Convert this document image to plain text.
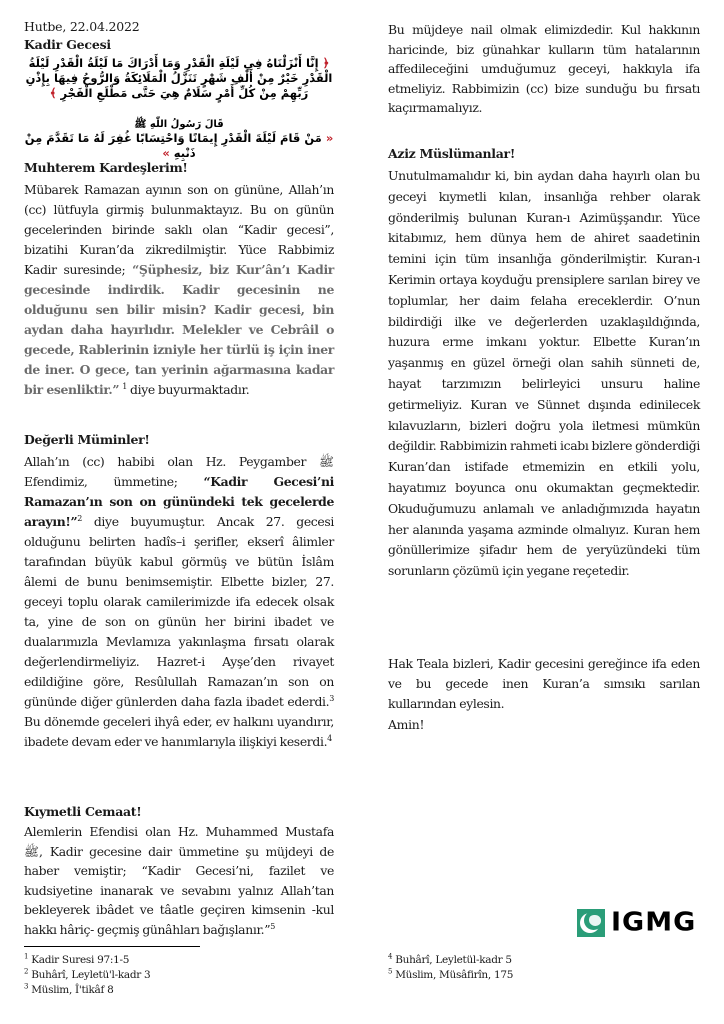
Hutbe, 22.04.2022
Kadir Gecesi
﴿ إِنَّا أَنْزَلْنَاهُ فِي لَيْلَةِ الْقَدْرِ وَمَا أَدْرَاكَ مَا لَيْلَةُ الْقَدْرِ لَيْلَةُ الْقَدْرِ خَيْرٌ مِنْ أَلْفِ شَهْرٍ تَنَزَّلُ الْمَلَائِكَةُ وَالرُّوحُ فِيهَا بِإِذْنِ رَبِّهِمْ مِنْ كُلِّ أَمْرٍ سَلَامٌ هِيَ حَتَّى مَطْلَعِ الْفَجْرِ ﴾
قَالَ رَسُولُ اللّٰهِ ﷺ
« مَنْ قَامَ لَيْلَةَ الْقَدْرِ إِيمَانًا وَاحْتِسَابًا غُفِرَ لَهُ مَا تَقَدَّمَ مِنْ ذَنْبِهِ »
Muhterem Kardeşlerim!
Mübarek Ramazan ayının son on gününe, Allah’ın (cc) lütfuyla girmiş bulunmaktayız. Bu on günün gecelerinden birinde saklı olan “Kadir gecesi”, bizatihi Kuran’da zikredilmiştir. Yüce Rabbimiz Kadir suresinde; “Şüphesiz, biz Kur’ân’ı Kadir gecesinde indirdik. Kadir gecesinin ne olduğunu sen bilir misin? Kadir gecesi, bin aydan daha hayırlıdır. Melekler ve Cebrâil o gecede, Rablerinin izniyle her türlü iş için iner de iner. O gece, tan yerinin ağarmasına kadar bir esenliktir.” $^1$ diye buyurmaktadır.
Değerli Müminler!
Allah’ın (cc) habibi olan Hz. Peygamber ﷺ Efendimiz, ümmetine; “Kadir Gecesi’ni Ramazan’ın son on günündeki tek gecelerde arayın!”$^2$ diye buyumuştur. Ancak 27. gecesi olduğunu belirten hadîs–i şerifler, ekserî âlimler tarafından büyük kabul görmüş ve bütün İslâm âlemi de bunu benimsemiştir. Elbette bizler, 27. geceyi toplu olarak camilerimizde ifa edecek olsak ta, yine de son on günün her birini ibadet ve dualarımızla Mevlamıza yakınlaşma fırsatı olarak değerlendirmeliyiz. Hazret-i Ayşe’den rivayet edildiğine göre, Resûlullah Ramazan’ın son on gününde diğer günlerden daha fazla ibadet ederdi.$^3$ Bu dönemde geceleri ihyâ eder, ev halkını uyandırır, ibadete devam eder ve hanımlarıyla ilişkiyi keserdi.$^4$
Kıymetli Cemaat!
Alemlerin Efendisi olan Hz. Muhammed Mustafa ﷺ, Kadir gecesine dair ümmetine şu müjdeyi de haber vemiştir; “Kadir Gecesi’ni, fazilet ve kudsiyetine inanarak ve sevabını yalnız Allah’tan bekleyerek ibâdet ve tâatle geçiren kimsenin -kul hakkı hâriç- geçmiş günâhları bağışlanır.”$^5$
$^1$ Kadir Suresi 97:1-5
$^2$ Buhârî, Leyletü'l-kadr 3
$^3$ Müslim, Î'tikâf 8
Bu müjdeye nail olmak elimizdedir. Kul hakkının haricinde, biz günahkar kulların tüm hatalarının affedileceğini umduğumuz geceyi, hakkıyla ifa etmeliyiz. Rabbimizin (cc) bize sunduğu bu fırsatı kaçırmamalıyız.
Aziz Müslümanlar!
Unutulmamalıdır ki, bin aydan daha hayırlı olan bu geceyi kıymetli kılan, insanlığa rehber olarak gönderilmiş bulunan Kuran-ı Azimüşşandır. Yüce kitabımız, hem dünya hem de ahiret saadetinin temini için tüm insanlığa gönderilmiştir. Kuran-ı Kerimin ortaya koyduğu prensiplere sarılan birey ve toplumlar, her daim felaha ereceklerdir. O’nun bildirdiği ilke ve değerlerden uzaklaşıldığında, huzura erme imkanı yoktur. Elbette Kuran’ın yaşanmış en güzel örneği olan sahih sünneti de, hayat tarzımızın belirleyici unsuru haline getirmeliyiz. Kuran ve Sünnet dışında edinilecek kılavuzların, bizleri doğru yola iletmesi mümkün değildir. Rabbimizin rahmeti icabı bizlere gönderdiği Kuran’dan istifade etmemizin en etkili yolu, hayatımız boyunca onu okumaktan geçmektedir. Okuduğumuzu anlamalı ve anladığımızıda hayatın her alanında yaşama azminde olmalıyız. Kuran hem gönüllerimize şifadır hem de yeryüzündeki tüm sorunların çözümü için yegane reçetedir.
Hak Teala bizleri, Kadir gecesini gereğince ifa eden ve bu gecede inen Kuran’a sımsıkı sarılan kullarından eylesin.
Amin!
$^4$ Buhârî, Leyletül-kadr 5
$^5$ Müslim, Müsâfirîn, 175
IGMG
